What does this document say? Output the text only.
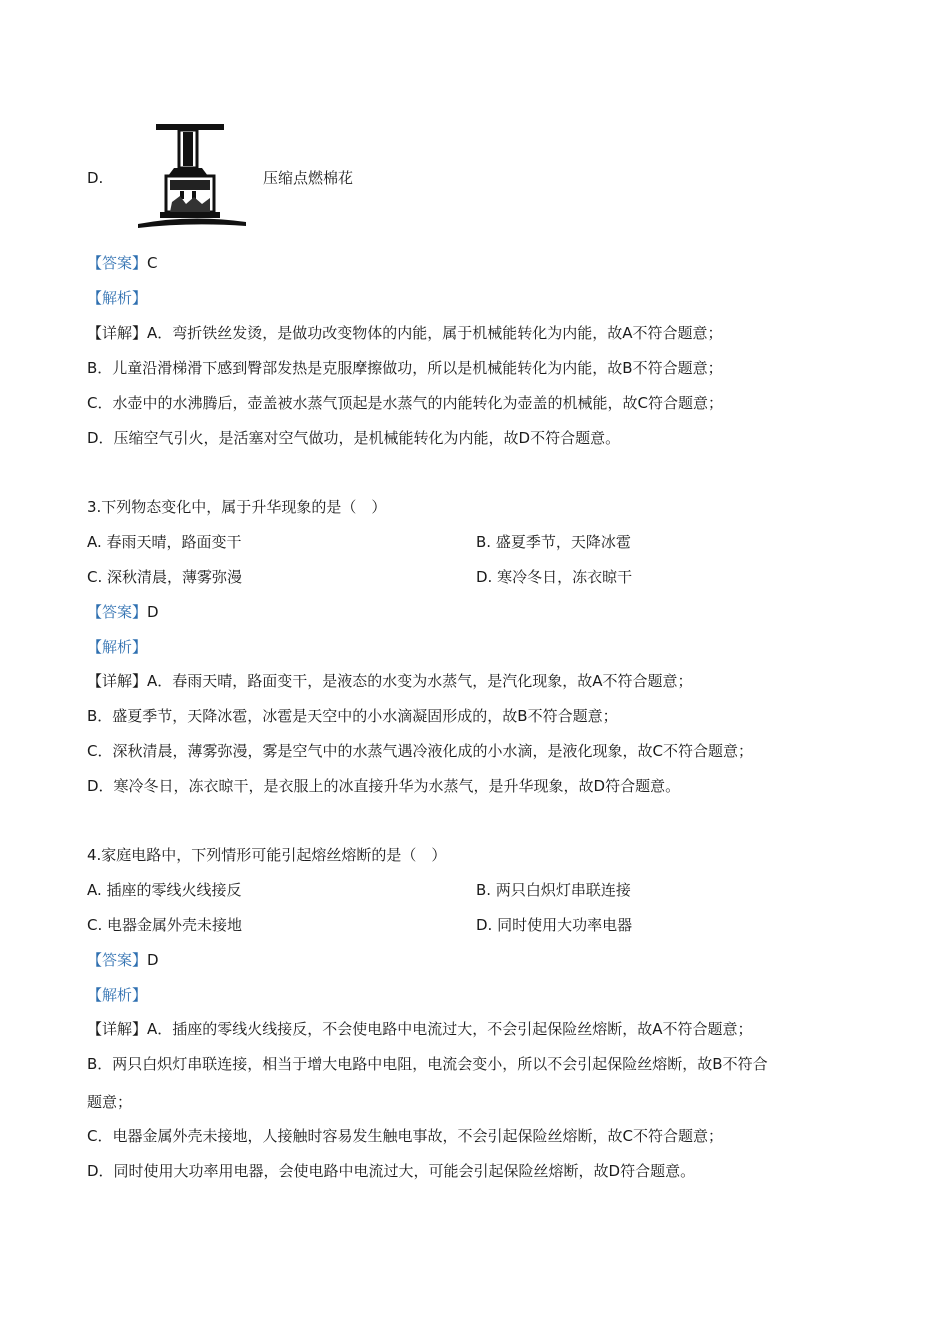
D.	压缩点燃棉花
【答案】C
【解析】
【详解】A．弯折铁丝发烫，是做功改变物体的内能，属于机械能转化为内能，故A不符合题意；
B．儿童沿滑梯滑下感到臀部发热是克服摩擦做功，所以是机械能转化为内能，故B不符合题意；
C．水壶中的水沸腾后，壶盖被水蒸气顶起是水蒸气的内能转化为壶盖的机械能，故C符合题意；
D．压缩空气引火，是活塞对空气做功，是机械能转化为内能，故D不符合题意。
3.下列物态变化中，属于升华现象的是（　）
A. 春雨天晴，路面变干	B. 盛夏季节，天降冰雹
C. 深秋清晨，薄雾弥漫	D. 寒冷冬日，冻衣晾干
【答案】D
【解析】
【详解】A．春雨天晴，路面变干，是液态的水变为水蒸气，是汽化现象，故A不符合题意；
B．盛夏季节，天降冰雹，冰雹是天空中的小水滴凝固形成的，故B不符合题意；
C．深秋清晨，薄雾弥漫，雾是空气中的水蒸气遇冷液化成的小水滴，是液化现象，故C不符合题意；
D．寒冷冬日，冻衣晾干，是衣服上的冰直接升华为水蒸气，是升华现象，故D符合题意。
4.家庭电路中，下列情形可能引起熔丝熔断的是（　）
A. 插座的零线火线接反	B. 两只白炽灯串联连接
C. 电器金属外壳未接地	D. 同时使用大功率电器
【答案】D
【解析】
【详解】A．插座的零线火线接反，不会使电路中电流过大，不会引起保险丝熔断，故A不符合题意；
B．两只白炽灯串联连接，相当于增大电路中电阻，电流会变小，所以不会引起保险丝熔断，故B不符合
题意；
C．电器金属外壳未接地，人接触时容易发生触电事故，不会引起保险丝熔断，故C不符合题意；
D．同时使用大功率用电器，会使电路中电流过大，可能会引起保险丝熔断，故D符合题意。
